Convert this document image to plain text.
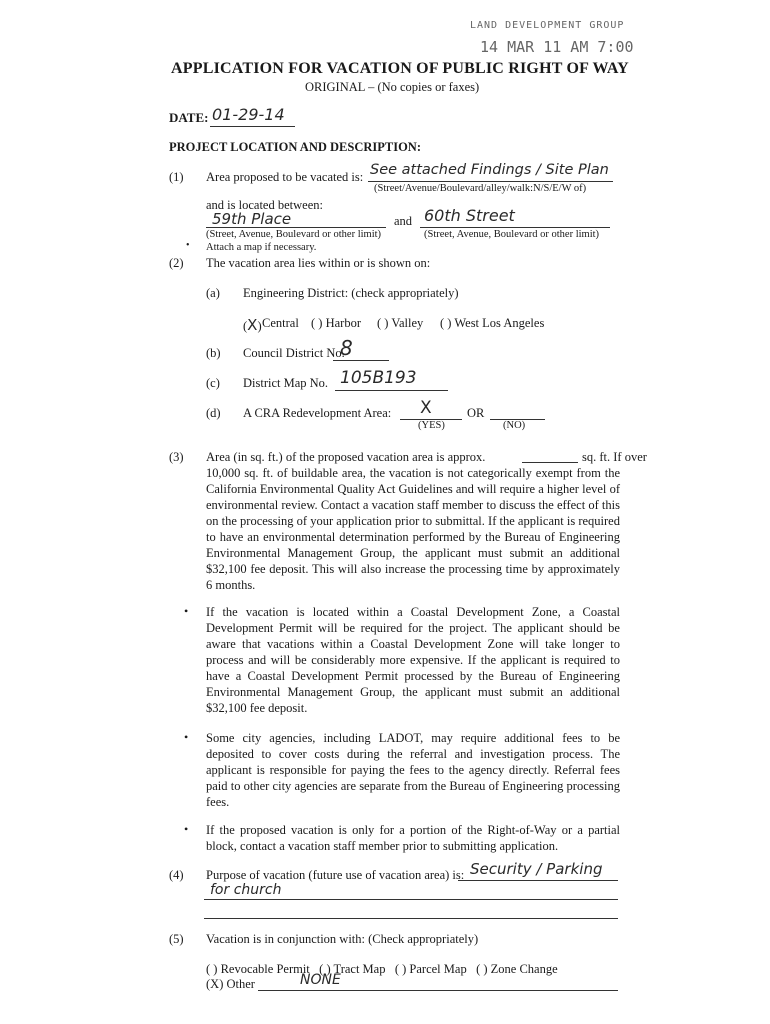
LAND DEVELOPMENT GROUP
14 MAR 11 AM 7:00
APPLICATION FOR VACATION OF PUBLIC RIGHT OF WAY
ORIGINAL – (No copies or faxes)
DATE: 01-29-14
PROJECT LOCATION AND DESCRIPTION:
(1) Area proposed to be vacated is: See attached Findings / Site Plan
(Street/Avenue/Boulevard/alley/walk:N/S/E/W of)
and is located between:
59th Place	and 60th Street
(Street, Avenue, Boulevard or other limit)	(Street, Avenue, Boulevard or other limit)
• Attach a map if necessary.
(2) The vacation area lies within or is shown on:
(a) Engineering District: (check appropriately)
(X) Central ( ) Harbor ( ) Valley ( ) West Los Angeles
(b) Council District No.
8
(c) District Map No. 105B193
(d) A CRA Redevelopment Area: X	OR
(YES)	(NO)
(3) Area (in sq. ft.) of the proposed vacation area is approx.	sq. ft. If over
10,000 sq. ft. of buildable area, the vacation is not categorically exempt from the California Environmental Quality Act Guidelines and will require a higher level of environmental review. Contact a vacation staff member to discuss the effect of this on the processing of your application prior to submittal. If the applicant is required to have an environmental determination performed by the Bureau of Engineering Environmental Management Group, the applicant must submit an additional $32,100 fee deposit. This will also increase the processing time by approximately 6 months.
• If the vacation is located within a Coastal Development Zone, a Coastal Development Permit will be required for the project. The applicant should be aware that vacations within a Coastal Development Zone will take longer to process and will be considerably more expensive. If the applicant is required to have a Coastal Development Permit processed by the Bureau of Engineering Environmental Management Group, the applicant must submit an additional $32,100 fee deposit.
• Some city agencies, including LADOT, may require additional fees to be deposited to cover costs during the referral and investigation process. The applicant is responsible for paying the fees to the agency directly. Referral fees paid to other city agencies are separate from the Bureau of Engineering processing fees.
• If the proposed vacation is only for a portion of the Right-of-Way or a partial block, contact a vacation staff member prior to submitting application.
(4) Purpose of vacation (future use of vacation area) is: Security / Parking
for church
(5) Vacation is in conjunction with: (Check appropriately)
( ) Revocable Permit   ( ) Tract Map   ( ) Parcel Map   ( ) Zone Change
(X) Other	NONE
